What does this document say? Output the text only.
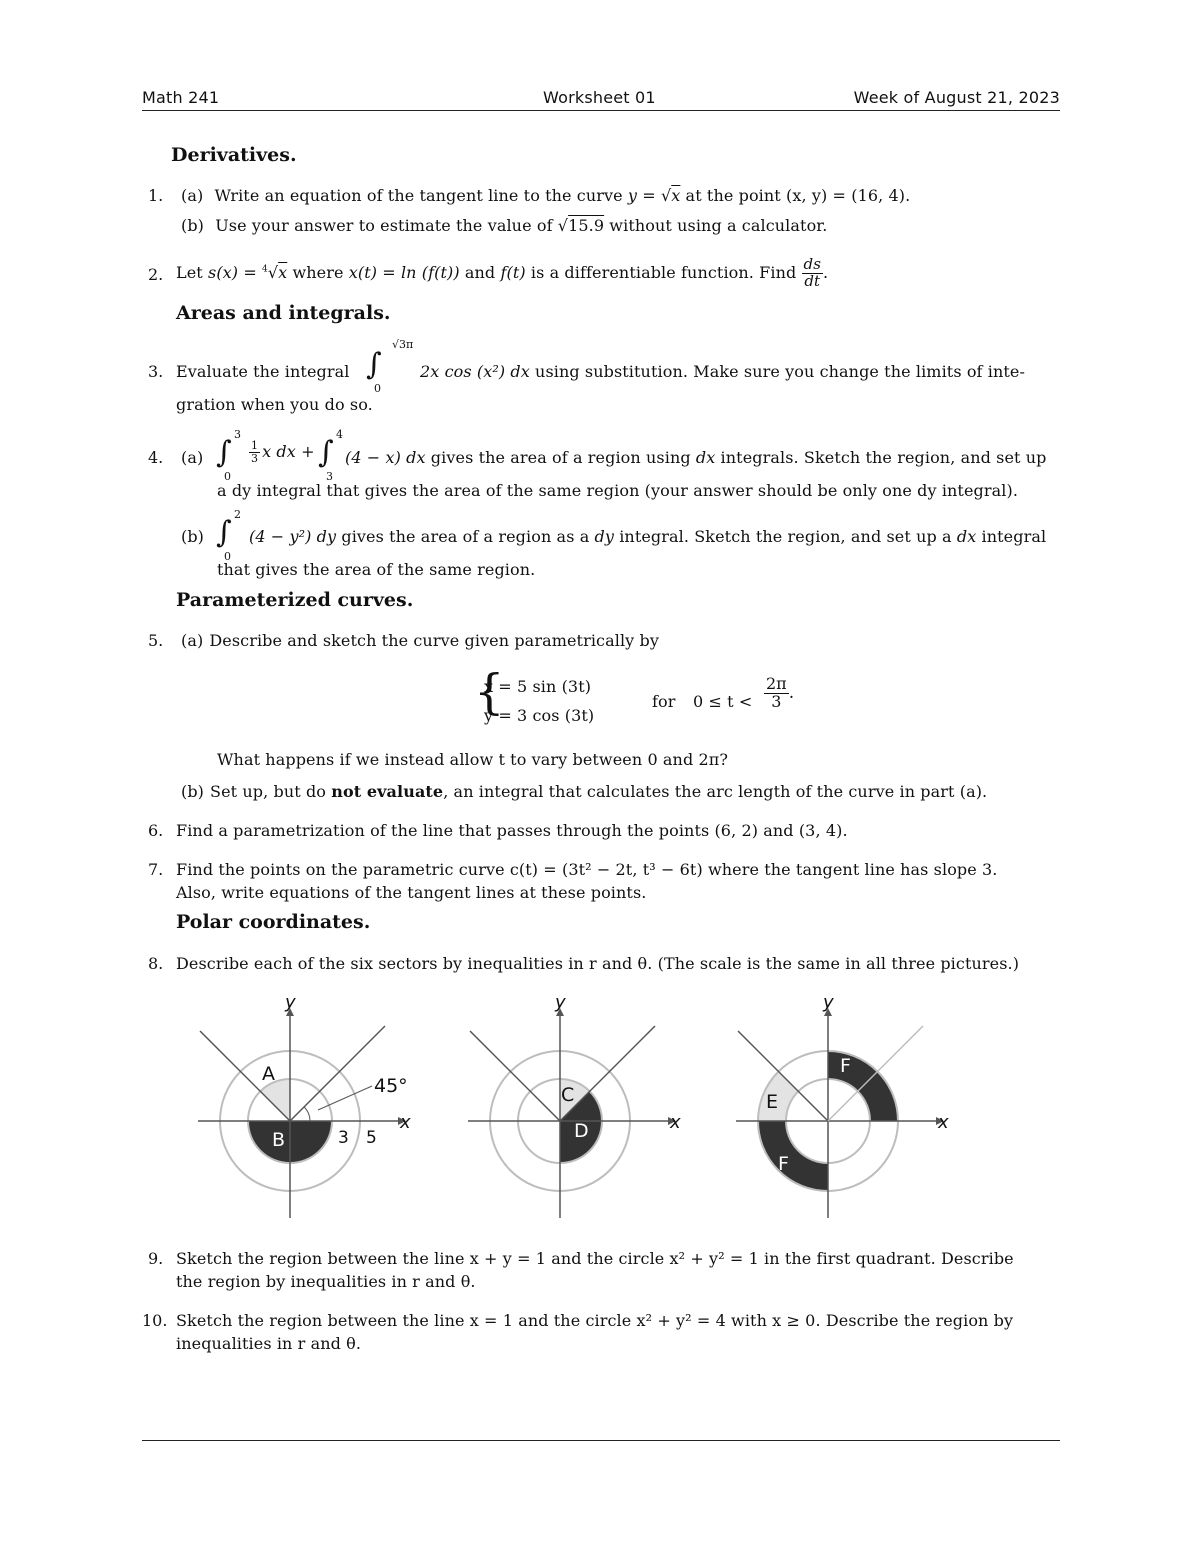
Math 241	Worksheet 01	Week of August 21, 2023
Derivatives.
1. (a) Write an equation of the tangent line to the curve y = √x at the point (x, y) = (16, 4).
(b) Use your answer to estimate the value of √15.9 without using a calculator.
2. Let s(x) = $^4$√x where x(t) = ln (f(t)) and f(t) is a differentiable function. Find $\frac{ds}{dt}$ .
Areas and integrals.
3. Evaluate the integral ∫
√3π
0
2x cos (x²) dx using substitution. Make sure you change the limits of inte-
gration when you do so.
4. (a) ∫
3
0
$\frac{1}{3}$ x dx + ∫
4
3
(4 − x) dx gives the area of a region using dx integrals. Sketch the region, and set up
a dy integral that gives the area of the same region (your answer should be only one dy integral).
(b) ∫
2
0
(4 − y²) dy gives the area of a region as a dy integral. Sketch the region, and set up a dx integral
that gives the area of the same region.
Parameterized curves.
5. (a) Describe and sketch the curve given parametrically by
{
x = 5 sin (3t)
y = 3 cos (3t)
for $0 \le t < \frac{2\pi}{3}$ .
What happens if we instead allow t to vary between 0 and 2π?
(b) Set up, but do not evaluate, an integral that calculates the arc length of the curve in part (a).
6. Find a parametrization of the line that passes through the points (6, 2) and (3, 4).
7. Find the points on the parametric curve c(t) = (3t² − 2t, t³ − 6t) where the tangent line has slope 3.
Also, write equations of the tangent lines at these points.
Polar coordinates.
8. Describe each of the six sectors by inequalities in r and θ. (The scale is the same in all three pictures.)
x
y
A
B
45°
3 5
x
y
C
D	x
y
E
F
F
9. Sketch the region between the line x + y = 1 and the circle x² + y² = 1 in the first quadrant. Describe
the region by inequalities in r and θ.
10. Sketch the region between the line x = 1 and the circle x² + y² = 4 with x ≥ 0. Describe the region by
inequalities in r and θ.
